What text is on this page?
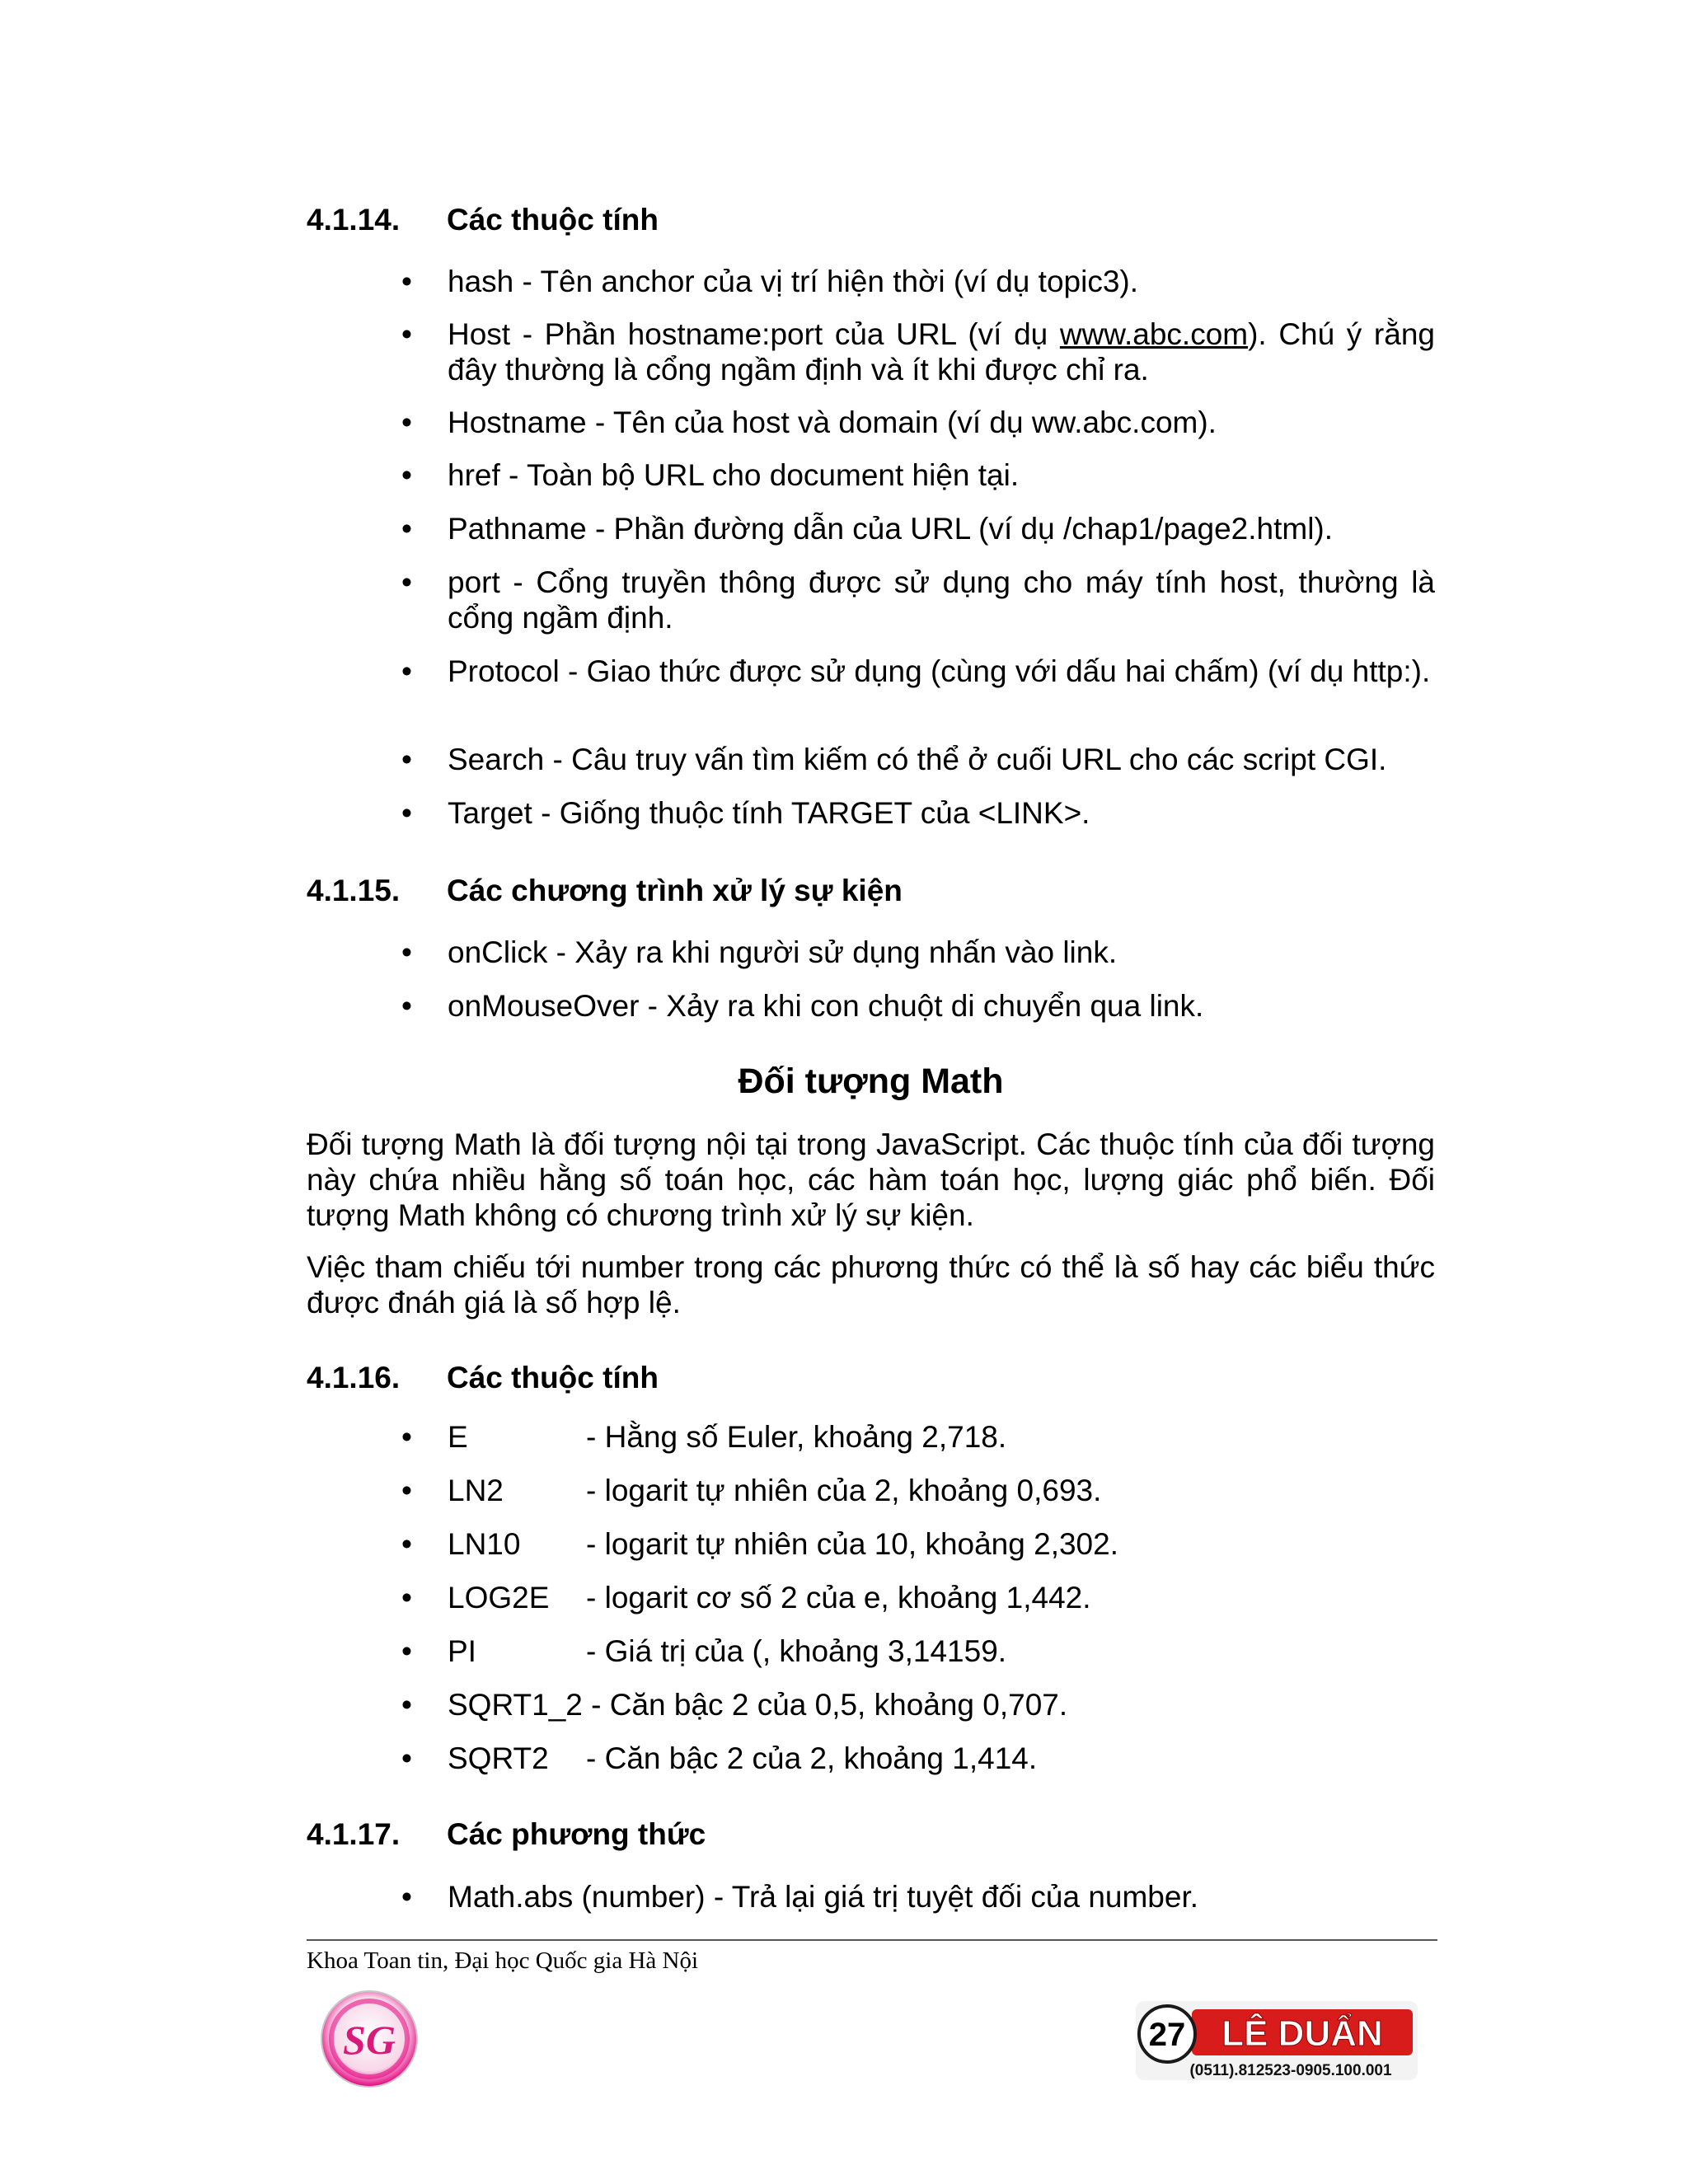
4.1.14. Các thuộc tính
• hash - Tên anchor của vị trí hiện thời (ví dụ topic3).
• Host - Phần hostname:port của URL (ví dụ www.abc.com). Chú ý rằng đây thường là cổng ngầm định và ít khi được chỉ ra.
• Hostname - Tên của host và domain (ví dụ ww.abc.com).
• href - Toàn bộ URL cho document hiện tại.
• Pathname - Phần đường dẫn của URL (ví dụ /chap1/page2.html).
• port - Cổng truyền thông được sử dụng cho máy tính host, thường là cổng ngầm định.
• Protocol - Giao thức được sử dụng (cùng với dấu hai chấm) (ví dụ http:).
• Search - Câu truy vấn tìm kiếm có thể ở cuối URL cho các script CGI.
• Target - Giống thuộc tính TARGET của <LINK>.
4.1.15. Các chương trình xử lý sự kiện
• onClick - Xảy ra khi người sử dụng nhấn vào link.
• onMouseOver - Xảy ra khi con chuột di chuyển qua link.
Đối tượng Math
Đối tượng Math là đối tượng nội tại trong JavaScript. Các thuộc tính của đối tượng này chứa nhiều hằng số toán học, các hàm toán học, lượng giác phổ biến. Đối tượng Math không có chương trình xử lý sự kiện.
Việc tham chiếu tới number trong các phương thức có thể là số hay các biểu thức được đnáh giá là số hợp lệ.
4.1.16. Các thuộc tính
• E	- Hằng số Euler, khoảng 2,718.
• LN2	- logarit tự nhiên của 2, khoảng 0,693.
• LN10 - logarit tự nhiên của 10, khoảng 2,302.
• LOG2E - logarit cơ số 2 của e, khoảng 1,442.
• PI	- Giá trị của (, khoảng 3,14159.
• SQRT1_2 - Căn bậc 2 của 0,5, khoảng 0,707.
• SQRT2 - Căn bậc 2 của 2, khoảng 1,414.
4.1.17. Các phương thức
• Math.abs (number) - Trả lại giá trị tuyệt đối của number.
Khoa Toan tin, Đại học Quốc gia Hà Nội
SG	27 LÊ DUẨN
(0511).812523-0905.100.001
